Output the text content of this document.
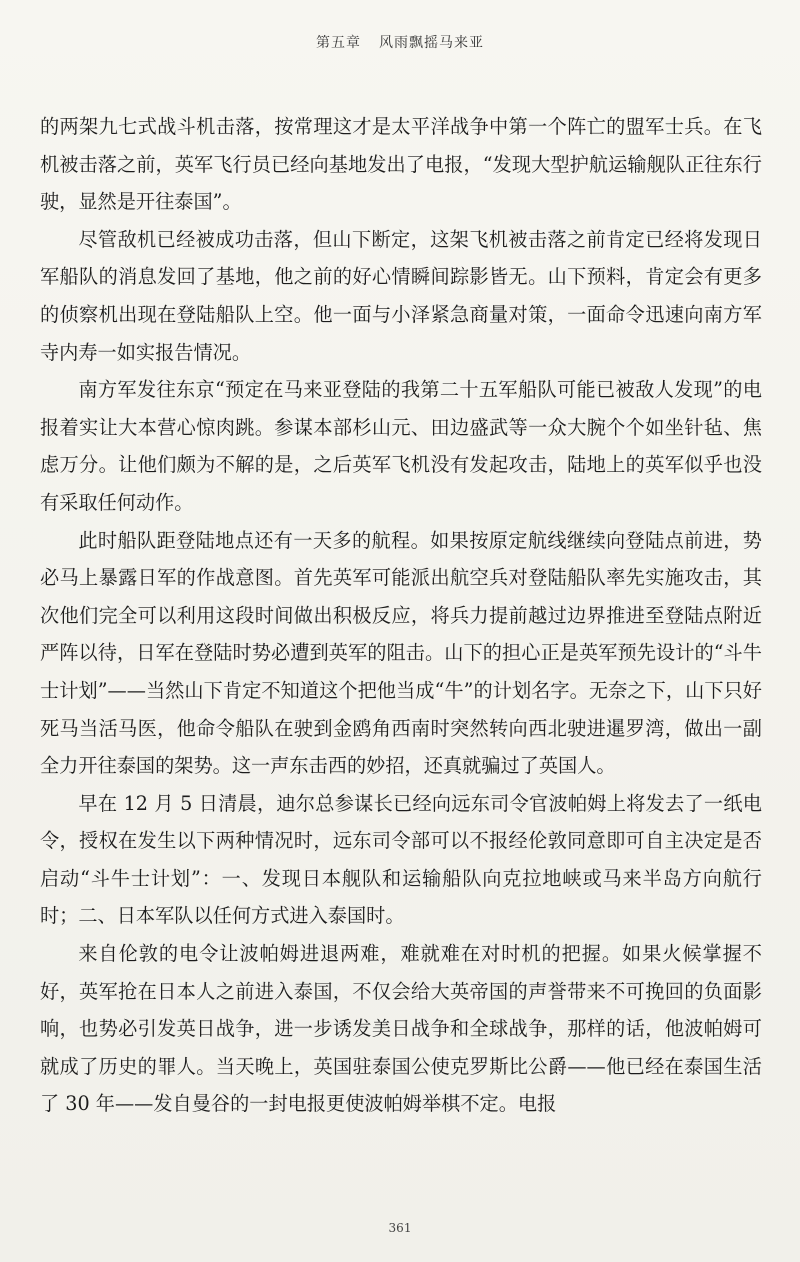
第五章 风雨飘摇马来亚

的两架九七式战斗机击落，按常理这才是太平洋战争中第一个阵亡的盟军士兵。在飞机被击落之前，英军飞行员已经向基地发出了电报，“发现大型护航运输舰队正往东行驶，显然是开往泰国”。

尽管敌机已经被成功击落，但山下断定，这架飞机被击落之前肯定已经将发现日军船队的消息发回了基地，他之前的好心情瞬间踪影皆无。山下预料，肯定会有更多的侦察机出现在登陆船队上空。他一面与小泽紧急商量对策，一面命令迅速向南方军寺内寿一如实报告情况。

南方军发往东京“预定在马来亚登陆的我第二十五军船队可能已被敌人发现”的电报着实让大本营心惊肉跳。参谋本部杉山元、田边盛武等一众大腕个个如坐针毡、焦虑万分。让他们颇为不解的是，之后英军飞机没有发起攻击，陆地上的英军似乎也没有采取任何动作。

此时船队距登陆地点还有一天多的航程。如果按原定航线继续向登陆点前进，势必马上暴露日军的作战意图。首先英军可能派出航空兵对登陆船队率先实施攻击，其次他们完全可以利用这段时间做出积极反应，将兵力提前越过边界推进至登陆点附近严阵以待，日军在登陆时势必遭到英军的阻击。山下的担心正是英军预先设计的“斗牛士计划”——当然山下肯定不知道这个把他当成“牛”的计划名字。无奈之下，山下只好死马当活马医，他命令船队在驶到金鸥角西南时突然转向西北驶进暹罗湾，做出一副全力开往泰国的架势。这一声东击西的妙招，还真就骗过了英国人。

早在 12 月 5 日清晨，迪尔总参谋长已经向远东司令官波帕姆上将发去了一纸电令，授权在发生以下两种情况时，远东司令部可以不报经伦敦同意即可自主决定是否启动“斗牛士计划”：一、发现日本舰队和运输船队向克拉地峡或马来半岛方向航行时；二、日本军队以任何方式进入泰国时。

来自伦敦的电令让波帕姆进退两难，难就难在对时机的把握。如果火候掌握不好，英军抢在日本人之前进入泰国，不仅会给大英帝国的声誉带来不可挽回的负面影响，也势必引发英日战争，进一步诱发美日战争和全球战争，那样的话，他波帕姆可就成了历史的罪人。当天晚上，英国驻泰国公使克罗斯比公爵——他已经在泰国生活了 30 年——发自曼谷的一封电报更使波帕姆举棋不定。电报

361
